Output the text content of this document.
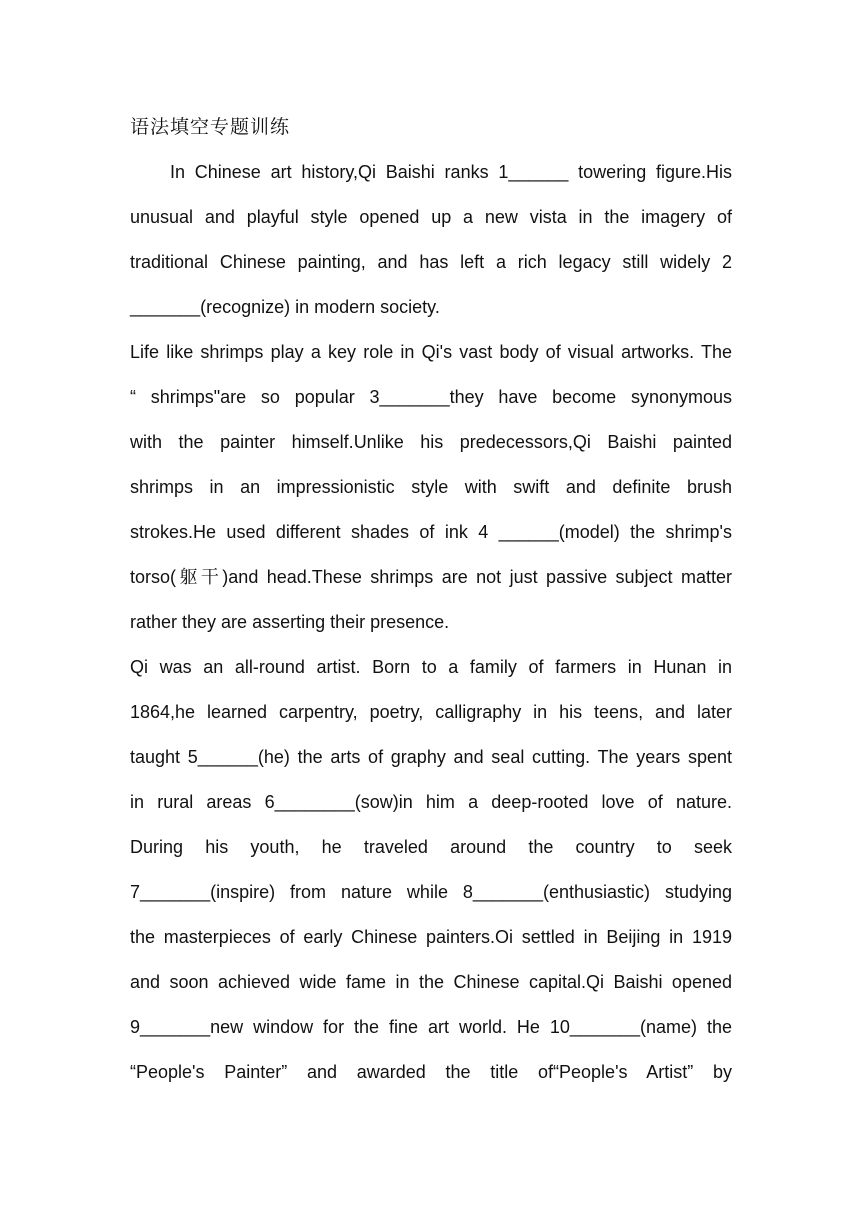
语法填空专题训练
In Chinese art history,Qi Baishi ranks 1______ towering figure.His
unusual and playful style opened up a new vista in the imagery of
traditional Chinese painting, and has left a rich legacy still widely 2
_______(recognize) in modern society.
Life like shrimps play a key role in Qi's vast body of visual artworks. The
“ shrimps"are so popular 3_______they have become synonymous
with the painter himself.Unlike his predecessors,Qi Baishi painted
shrimps in an impressionistic style with swift and definite brush
strokes.He used different shades of ink 4 ______(model) the shrimp's
torso(躯干)and head.These shrimps are not just passive subject matter
rather they are asserting their presence.
Qi was an all-round artist. Born to a family of farmers in Hunan in
1864,he learned carpentry, poetry, calligraphy in his teens, and later
taught 5______(he) the arts of graphy and seal cutting. The years spent
in rural areas 6________(sow)in him a deep-rooted love of nature.
During his youth, he traveled around the country to seek
7_______(inspire) from nature while 8_______(enthusiastic) studying
the masterpieces of early Chinese painters.Oi settled in Beijing in 1919
and soon achieved wide fame in the Chinese capital.Qi Baishi opened
9_______new window for the fine art world. He 10_______(name) the
“People's Painter” and awarded the title of“People's Artist” by
